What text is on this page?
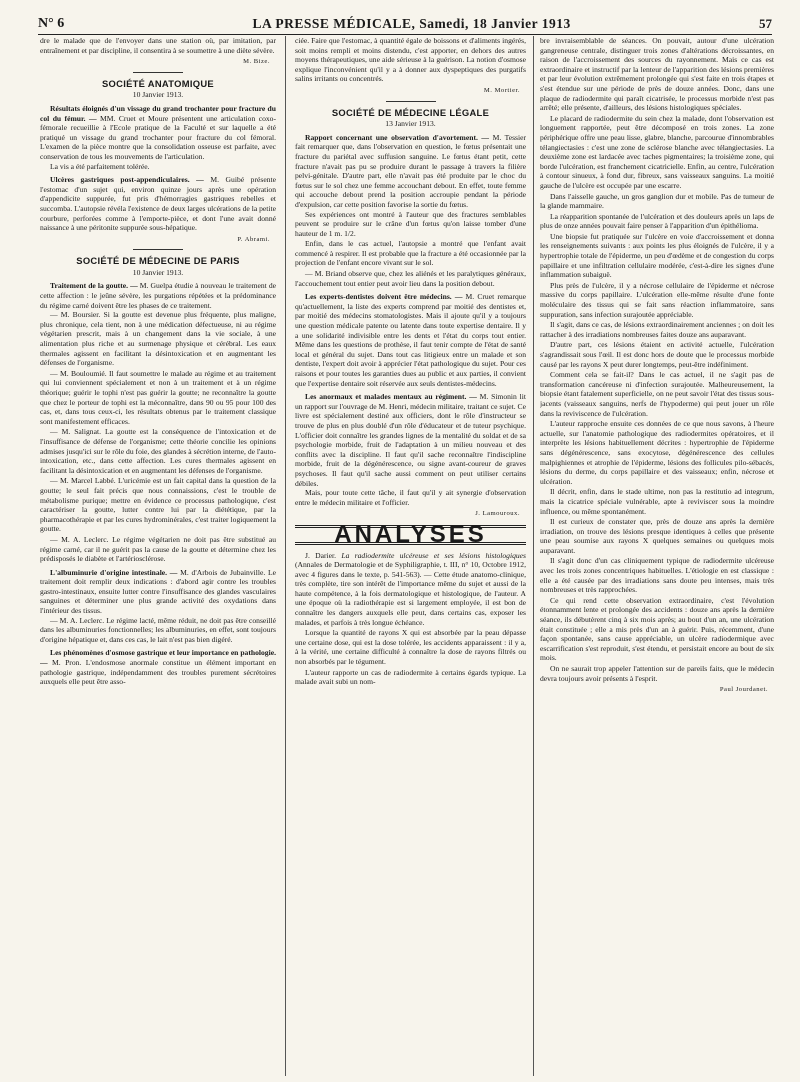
N° 6	LA PRESSE MÉDICALE, Samedi, 18 Janvier 1913	57

dre le malade que de l'envoyer dans une station où, par imitation, par entraînement et par discipline, il consentira à se soumettre à une diète sévère.

M. Bize.
SOCIÉTÉ ANATOMIQUE
10 Janvier 1913.

Résultats éloignés d'un vissage du grand trochanter pour fracture du col du fémur. — MM. Cruet et Moure présentent une articulation coxo-fémorale recueillie à l'Ecole pratique de la Faculté et sur laquelle a été pratiqué un vissage du grand trochanter pour fracture du col fémoral. L'examen de la pièce montre que la consolidation osseuse est parfaite, avec conservation de tous les mouvements de l'articulation.

La vis a été parfaitement tolérée.

Ulcères gastriques post-appendiculaires. — M. Guibé présente l'estomac d'un sujet qui, environ quinze jours après une opération d'appendicite suppurée, fut pris d'hémorragies gastriques rebelles et succomba. L'autopsie révéla l'existence de deux larges ulcérations de la petite courbure, perforées comme à l'emporte-pièce, et dont l'une avait donné naissance à une péritonite suppurée sous-hépatique.

P. Abrami.
SOCIÉTÉ DE MÉDECINE DE PARIS
10 Janvier 1913.

Traitement de la goutte. — M. Guelpa étudie à nouveau le traitement de cette affection : le jeûne sévère, les purgations répétées et la prédominance du régime carné doivent être les phases de ce traitement.

— M. Boursier. Si la goutte est devenue plus fréquente, plus maligne, plus chronique, cela tient, non à une médication défectueuse, ni au régime végétarien prescrit, mais à un changement dans la vie sociale, à une alimentation plus riche et au surmenage physique et cérébral. Les eaux thermales agissent en facilitant la désintoxication et en augmentant les défenses de l'organisme.

— M. Bouloumié. Il faut soumettre le malade au régime et au traitement qui lui conviennent spécialement et non à un traitement et à un régime théorique; guérir le tophi n'est pas guérir la goutte; ne reconnaître la goutte que chez le porteur de tophi est la méconnaître, dans 90 ou 95 pour 100 des cas, et, dans tous ceux-ci, les résultats obtenus par le traitement classique sont manifestement efficaces.

— M. Salignat. La goutte est la conséquence de l'intoxication et de l'insuffisance de défense de l'organisme; cette théorie concilie les opinions admises jusqu'ici sur le rôle du foie, des glandes à sécrétion interne, de l'auto-intoxication, etc., dans cette affection. Les cures thermales agissent en facilitant la désintoxication et en augmentant les défenses de l'organisme.

— M. Marcel Labbé. L'uricémie est un fait capital dans la question de la goutte; le seul fait précis que nous connaissions, c'est le trouble de métabolisme purique; mettre en évidence ce processus pathologique, c'est caractériser la goutte, lutter contre lui par la diététique, par la pharmacothérapie et par les cures hydrominérales, c'est traiter logiquement la goutte.

— M. A. Leclerc. Le régime végétarien ne doit pas être substitué au régime carné, car il ne guérit pas la cause de la goutte et détermine chez les prédisposés le diabète et l'artériosclérose.

L'albuminurie d'origine intestinale. — M. d'Arbois de Jubainville. Le traitement doit remplir deux indications : d'abord agir contre les troubles gastro-intestinaux, ensuite lutter contre l'insuffisance des glandes vasculaires sanguines et déterminer une plus grande activité des oxydations dans l'intérieur des tissus.

— M. A. Leclerc. Le régime lacté, même réduit, ne doit pas être conseillé dans les albuminuries fonctionnelles; les albuminuries, en effet, sont toujours d'origine hépatique et, dans ces cas, le lait n'est pas bien digéré.

Les phénomènes d'osmose gastrique et leur importance en pathologie. — M. Pron. L'endosmose anormale constitue un élément important en pathologie gastrique, indépendamment des troubles purement sécrétoires auxquels elle peut être asso-

ciée. Faire que l'estomac, à quantité égale de boissons et d'aliments ingérés, soit moins rempli et moins distendu, c'est apporter, en dehors des autres moyens thérapeutiques, une aide sérieuse à la guérison. La notion d'osmose explique l'inconvénient qu'il y a à donner aux dyspeptiques des purgatifs salins irritants ou concentrés.

M. Mortier.
SOCIÉTÉ DE MÉDECINE LÉGALE
13 Janvier 1913.

Rapport concernant une observation d'avortement. — M. Tessier fait remarquer que, dans l'observation en question, le fœtus présentait une fracture du pariétal avec suffusion sanguine. Le fœtus étant petit, cette fracture n'avait pas pu se produire durant le passage à travers la filière pelvi-génitale. D'autre part, elle n'avait pas été produite par le choc du fœtus sur le sol chez une femme accouchant debout. En effet, toute femme qui accouche debout prend la position accroupie pendant la période d'expulsion, car cette position favorise la sortie du fœtus.

Ses expériences ont montré à l'auteur que des fractures semblables peuvent se produire sur le crâne d'un fœtus qu'on laisse tomber d'une hauteur de 1 m. 1/2.

Enfin, dans le cas actuel, l'autopsie a montré que l'enfant avait commencé à respirer. Il est probable que la fracture a été occasionnée par la projection de l'enfant encore vivant sur le sol.

— M. Briand observe que, chez les aliénés et les paralytiques généraux, l'accouchement tout entier peut avoir lieu dans la position debout.

Les experts-dentistes doivent être médecins. — M. Cruet remarque qu'actuellement, la liste des experts comprend par moitié des dentistes et, par moitié des médecins stomatologistes. Mais il ajoute qu'il y a toujours une question médicale patente ou latente dans toute expertise dentaire. Il y a une solidarité indivisible entre les dents et l'état du corps tout entier. Même dans les questions de prothèse, il faut tenir compte de l'état de santé local et général du sujet. Dans tout cas litigieux entre un malade et son dentiste, l'expert doit avoir à apprécier l'état pathologique du sujet. Pour ces raisons et pour toutes les garanties dues au public et aux parties, il convient que l'expertise dentaire soit réservée aux seuls dentistes-médecins.

Les anormaux et malades mentaux au régiment. — M. Simonin lit un rapport sur l'ouvrage de M. Henri, médecin militaire, traitant ce sujet. Ce livre est spécialement destiné aux officiers, dont le rôle d'instructeur se trouve de plus en plus doublé d'un rôle d'éducateur et de tuteur psychique. L'officier doit connaître les grandes lignes de la mentalité du soldat et de sa psychologie morbide, fruit de l'adaptation à un milieu nouveau et des conflits avec la discipline. Il faut qu'il sache reconnaître l'indiscipline morbide, fruit de la dégénérescence, ou signe avant-coureur de graves psychoses. Il faut qu'il sache aussi comment on peut utiliser certains débiles.

Mais, pour toute cette tâche, il faut qu'il y ait synergie d'observation entre le médecin militaire et l'officier.

J. Lamouroux.
ANALYSES

J. Darier. La radiodermite ulcéreuse et ses lésions histologiques (Annales de Dermatologie et de Syphiligraphie, t. III, n° 10, Octobre 1912, avec 4 figures dans le texte, p. 541-563). — Cette étude anatomo-clinique, très complète, tire son intérêt de l'importance même du sujet et aussi de la haute compétence, à la fois dermatologique et histologique, de l'auteur. A une époque où la radiothérapie est si largement employée, il est bon de connaître les dangers auxquels elle peut, dans certains cas, exposer les malades, et parfois à très longue échéance.

Lorsque la quantité de rayons X qui est absorbée par la peau dépasse une certaine dose, qui est la dose tolérée, les accidents apparaissent : il y a, à la vérité, une certaine difficulté à connaître la dose de rayons filtrés ou non absorbés par le tégument.

L'auteur rapporte un cas de radiodermite à certains égards typique. La malade avait subi un nom-

bre invraisemblable de séances. On pouvait, autour d'une ulcération gangreneuse centrale, distinguer trois zones d'altérations décroissantes, en raison de l'accroissement des sources du rayonnement. Mais ce cas est extraordinaire et instructif par la lenteur de l'apparition des lésions premières et par leur évolution extrêmement prolongée qui s'est faite en trois étapes et s'est étendue sur une période de près de douze années. Donc, dans une plaque de radiodermite qui paraît cicatrisée, le processus morbide n'est pas arrêté; elle présente, d'ailleurs, des lésions histologiques spéciales.

Le placard de radiodermite du sein chez la malade, dont l'observation est longuement rapportée, peut être décomposé en trois zones. La zone périphérique offre une peau lisse, glabre, blanche, parcourue d'innombrables télangiectasies : c'est une zone de sclérose blanche avec télangiectasies. La deuxième zone est lardacée avec taches pigmentaires; la troisième zone, qui borde l'ulcération, est franchement cicatricielle. Enfin, au centre, l'ulcération à contour sinueux, à fond dur, fibreux, sans vaisseaux sanguins. La moitié gauche de l'ulcère est occupée par une escarre.

Dans l'aisselle gauche, un gros ganglion dur et mobile. Pas de tumeur de la glande mammaire.

La réapparition spontanée de l'ulcération et des douleurs après un laps de plus de onze années pouvait faire penser à l'apparition d'un épithélioma.

Une biopsie fut pratiquée sur l'ulcère en voie d'accroissement et donna les renseignements suivants : aux points les plus éloignés de l'ulcère, il y a hypertrophie totale de l'épiderme, un peu d'œdème et de congestion du corps papillaire et une infiltration cellulaire modérée, c'est-à-dire les signes d'une inflammation subaiguë.

Plus près de l'ulcère, il y a nécrose cellulaire de l'épiderme et nécrose massive du corps papillaire. L'ulcération elle-même résulte d'une fonte moléculaire des tissus qui se fait sans réaction inflammatoire, sans suppuration, sans infection surajoutée appréciable.

Il s'agit, dans ce cas, de lésions extraordinairement anciennes ; on doit les rattacher à des irradiations nombreuses faites douze ans auparavant.

D'autre part, ces lésions étaient en activité actuelle, l'ulcération s'agrandissait sous l'œil. Il est donc hors de doute que le processus morbide causé par les rayons X peut durer longtemps, peut-être indéfiniment.

Comment cela se fait-il? Dans le cas actuel, il ne s'agit pas de transformation cancéreuse ni d'infection surajoutée. Malheureusement, la biopsie étant fatalement superficielle, on ne peut savoir l'état des tissus sous-jacents (vaisseaux sanguins, nerfs de l'hypoderme) qui peut jouer un rôle dans la reviviscence de l'ulcération.

L'auteur rapproche ensuite ces données de ce que nous savons, à l'heure actuelle, sur l'anatomie pathologique des radiodermites opératoires, et il interprète les lésions habituellement décrites : hypertrophie de l'épiderme sans dégénérescence, sans exocytose, dégénérescence des cellules malpighiennes et atrophie de l'épiderme, lésions des follicules pilo-sébacés, lésions du derme, du corps papillaire et des vaisseaux; enfin, nécrose et ulcération.

Il décrit, enfin, dans le stade ultime, non pas la restitutio ad integrum, mais la cicatrice spéciale vulnérable, apte à reviviscer sous la moindre influence, ou même spontanément.

Il est curieux de constater que, près de douze ans après la dernière irradiation, on trouve des lésions presque identiques à celles que présente une peau soumise aux rayons X quelques semaines ou quelques mois auparavant.

Il s'agit donc d'un cas cliniquement typique de radiodermite ulcéreuse avec les trois zones concentriques habituelles. L'étiologie en est classique : elle a été causée par des irradiations sans doute peu intenses, mais très nombreuses et très rapprochées.

Ce qui rend cette observation extraordinaire, c'est l'évolution étonnamment lente et prolongée des accidents : douze ans après la dernière séance, ils débutèrent cinq à six mois après; au bout d'un an, une ulcération était constituée ; elle a mis près d'un an à guérir. Puis, récemment, d'une façon spontanée, sans cause appréciable, un ulcère radiodermique avec escarrification s'est reproduit, s'est étendu, et persistait encore au bout de six mois.

On ne saurait trop appeler l'attention sur de pareils faits, que le médecin devra toujours avoir présents à l'esprit.

Paul Jourdanet.
